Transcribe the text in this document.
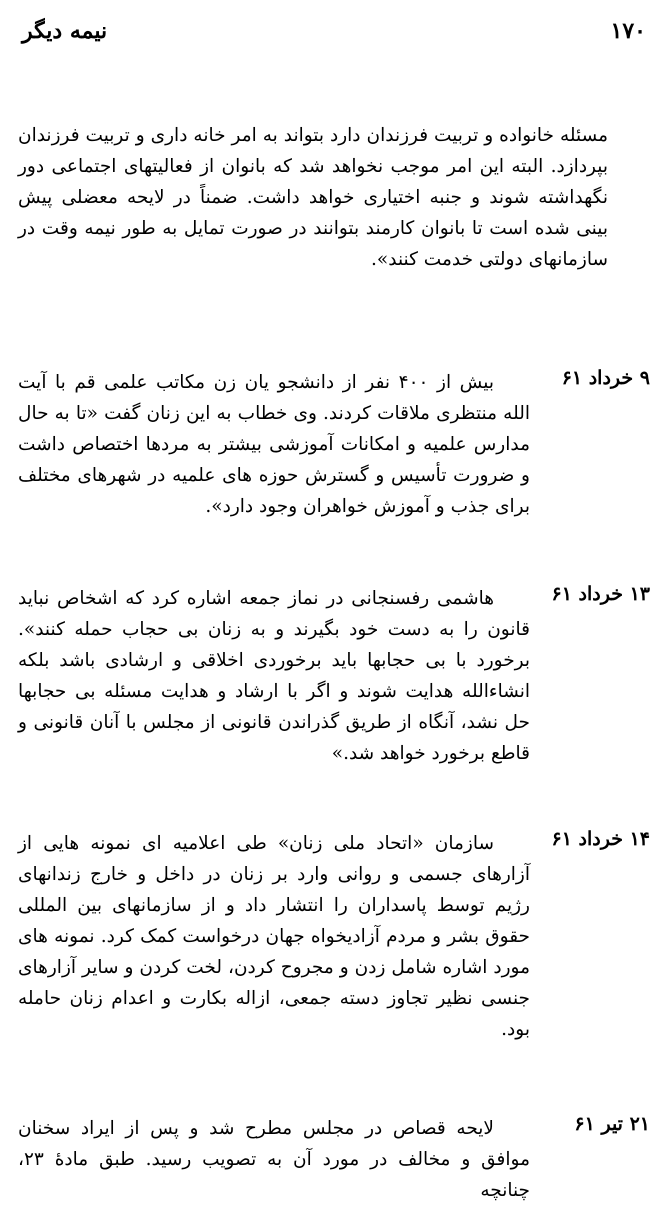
۱۷۰
نیمه دیگر

مسئله خانواده و تربیت فرزندان دارد بتواند به امر خانه داری و تربیت فرزندان بپردازد. البته این امر موجب نخواهد شد که بانوان از فعالیتهای اجتماعی دور نگهداشته شوند و جنبه اختیاری خواهد داشت. ضمناً در لایحه معضلی پیش بینی شده است تا بانوان کارمند بتوانند در صورت تمایل به طور نیمه وقت در سازمانهای دولتی خدمت کنند».

۹ خرداد ۶۱

بیش از ۴۰۰ نفر از دانشجو یان زن مکاتب علمی قم با آیت الله منتظری ملاقات کردند. وی خطاب به این زنان گفت «تا به حال مدارس علمیه و امکانات آموزشی بیشتر به مردها اختصاص داشت و ضرورت تأسیس و گسترش حوزه های علمیه در شهرهای مختلف برای جذب و آموزش خواهران وجود دارد».

۱۳ خرداد ۶۱

هاشمی رفسنجانی در نماز جمعه اشاره کرد که اشخاص نباید قانون را به دست خود بگیرند و به زنان بی حجاب حمله کنند». برخورد با بی حجابها باید برخوردی اخلاقی و ارشادی باشد بلکه انشاءالله هدایت شوند و اگر با ارشاد و هدایت مسئله بی حجابها حل نشد، آنگاه از طریق گذراندن قانونی از مجلس با آنان قانونی و قاطع برخورد خواهد شد.»

۱۴ خرداد ۶۱

سازمان «اتحاد ملی زنان» طی اعلامیه ای نمونه هایی از آزارهای جسمی و روانی وارد بر زنان در داخل و خارج زندانهای رژیم توسط پاسداران را انتشار داد و از سازمانهای بین المللی حقوق بشر و مردم آزادیخواه جهان درخواست کمک کرد. نمونه های مورد اشاره شامل زدن و مجروح کردن، لخت کردن و سایر آزارهای جنسی نظیر تجاوز دسته جمعی، ازاله بکارت و اعدام زنان حامله بود.

۲۱ تیر ۶۱

لایحه قصاص در مجلس مطرح شد و پس از ایراد سخنان موافق و مخالف در مورد آن به تصویب رسید. طبق مادهٔ ۲۳، چنانچه
